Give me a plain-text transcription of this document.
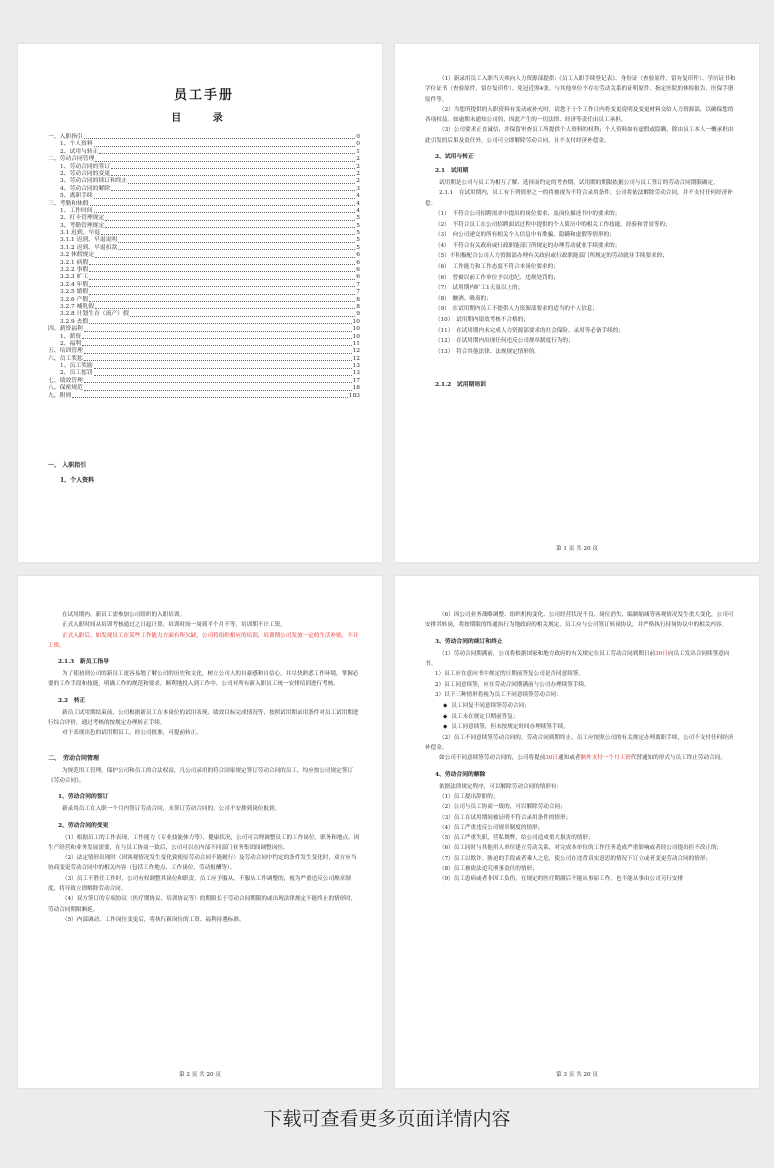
员工手册
目 录
一、入职指引	0
1、个人资料	0
2、试用与转正	1
二、劳动合同管理	2
1、劳动合同的签订	2
2、劳动合同的变更	2
3、劳动合同的续订和终止	2
4、劳动合同的解除	3
5、离职手续	4
三、考勤和休假	4
1、工作时间	4
2、打卡管理规定	5
3、考勤管理规定	5
3.1 迟到、早退	5
3.1.1 迟到、早退说明	5
3.1.2 迟到、早退扣款	5
3.2 休假规定	6
3.2.1 病假	6
3.2.2 事假	6
3.2.3 旷工	6
3.2.4 年假	7
3.2.5 婚假	7
3.2.6 产假	8
3.2.7 哺乳假	8
3.2.8 计划生育（流产）假	9
3.2.9 丧假	10
四、薪资福利	10
1、薪资	10
2、福利	11
五、培训管理	12
六、员工奖惩	12
1、员工奖励	13
2、员工惩罚	13
七、绩效管理	17
八、保密规范	18
九、附则	183
一、 入职指引
1、个人资料

（1）新录用员工入职当天须向人力资源部提供:《员工入职手续登记表》、身份证（查验原件，留有复印件）、学历证书和学位证书（查验原件，留存复印件）、免冠近照4张、与其他单位不存在劳动关系的证明原件、指定医院的体检报告、医保手册原件等。

（2）当您所提供的入职资料有变动或补充时，请您于十个工作日内将变更说明及变更材料交给人力资源部，以确保您的各项权益。如逾期未通知公司的，因此产生的一切法律、经济等责任由员工承担。

（3）公司要求正直诚信，并保留审查员工所提供个人资料的权利；个人资料如有虚假或隐瞒，除由员工本人一概承担由此引发的后果及责任外，公司可立即解除劳动合同，且不支付经济补偿金。

2、试用与转正
2.1　试用期

试用期是公司与员工为相互了解、选择而约定的考查期。试用期的期限依据公司与员工签订的劳动合同期限确定。

2.1.1　在试用期内，员工有下列情形之一的将被视为不符合录用条件，公司将依法解除劳动合同，并不支付任何经济补偿：

（1）　不符合公司招聘需求中提出的岗位要求、及岗位描述书中的要求的；
（2）　不符合员工在公司招聘面试过程中提供的个人简历中的相关工作技能、经验和背景等的；
（3）　向公司递交的所有相关个人信息中有欺骗、隐瞒和虚假等情形的；
（4）　不符合有关政府或行政职能部门所规定的办理劳动就业手续要求的；
（5）不积极配合公司人力资源部办理有关政府或行政职能部门所规定的劳动就业手续要求的；
（6）　工作能力和工作态度不符合本岗位要求的；
（6）　曾被以前工作单位予以违纪、违规处罚的；
（7）　试用期内旷工1天及以上的；
（8）　酗酒、吸毒的；
（9）　在试用期内员工不提供人力资源部要求的适当的个人信息；
（10）　试用期内绩效考核不合格的；
（11）　在试用期内未完成人力资源部要求的社会保险、录用等必备手续的；
（12）　在试用期内出现任何违反公司规章制度行为的；
（13）　符合其他法律、法规规定情形的。
2.1.2　试用期培训
第 1 页 共 20 页

在试用期内，新员工需参加公司组织的入职培训。

正式入职时间从培训考核通过之日起计算，培训时间一周到半个月不等，培训期不计工资。

正式入职后，如发现员工在某些工作能力方面有所欠缺，公司将组织相应的培训，培训期公司发放一定的生活补贴，不计工资。

2.1.3　新员工指导

为了使初到公司的新员工更容易地了解公司的历史和文化，树立公司人的自豪感和自信心，并尽快熟悉工作环境，掌握必要的工作手段和技能，明确工作的规范和要求，顺利地投入到工作中，公司对所有新入职员工统一安排培训进行考核。

2.2　转正

新员工试用期结束前，公司根据新员工在本岗位的试用表现、绩效目标完成情况等，按照试用期录用条件对员工试用期进行综合评价，通过考核的按规定办理转正手续。

对于表现出色的试用期员工，经公司批准，可提前转正。

二、　劳动合同管理

为规范用工管理，保护公司和员工的合法权益，凡公司录用的符合国家规定签订劳动合同的员工，均应按公司规定签订《劳动合同》。

1、劳动合同的签订

新录用员工在入职一个月内签订劳动合同，未签订劳动合同的，公司不安排到岗位报到。

2、劳动合同的变更

（1）根据员工的工作表现、工作能力（专业技能体力等）、健康状况，公司可合理调整员工的工作岗位、职务和地点。因生产经营和业务发展需要，在与员工协商一致后，公司可以在内部不同部门业务集团间调整岗位。

（2）法定情形出现时（因客观情况发生变化致使原劳动合同不能履行）及劳动合同中约定的条件发生变化时，双方应当协商变更劳动合同中的相关内容（包括工作地点、工作岗位、劳动报酬等）。

（3）员工不胜任工作时，公司有权调整其岗位和职责，员工应予服从，不服从工作调整的，视为严重违反公司规章制度，将导致立即解除劳动合同。

（4）双方签订的专项协议（医疗期协议、培训协议等）的期限长于劳动合同期限的或出现法律规定不能终止的情形时，劳动合同期限顺延。

（5）内部调动、工作岗位变更后，将执行新岗位的工资、福利待遇标准。

第 2 页 共 20 页

（6）因公司业务战略调整、组织机构变化、公司经营状况不良、岗位消失、编制缩减等客观情况发生重大变化，公司可安排其转岗，将按期限的终通执行为地政府的相关规定，员工应与公司签订转岗协议，并严格执行持岗协议中的相关内容。

3、劳动合同的续订和终止

（1）劳动合同期满前，公司将根据国家和地方政府的有关规定在员工劳动合同到期日前30日向员工发出合同续签意向书。

1）员工应在意向书中规定的日期前答复公司是否同意续签。
2）员工同意续签，应在劳动合同期满前与公司办理续签手续。
3）以下三种情形将视为员工不同意续签劳动合同：
◆ 员工回复不同意续签劳动合同；
◆ 员工未在规定日期前答复；
◆ 员工同意续签，但未按规定时间办理续签手续。

（2）员工不同意续签劳动合同的，劳动合同到期终止，员工应按照公司的有关规定办理离职手续，公司不支付任何经济补偿金。

如公司不同意续签劳动合同的，公司将提前30日通知或者额外支付一个月工资代替通知的形式与员工终止劳动合同。

4、劳动合同的解除

依据法律规定程序，可以解除劳动合同的情形有：

（1）员工提出辞职的；

（2）公司与员工协商一致的，可以解除劳动合同；

（3）员工在试用期间被证明不符合录用条件的情形；

（4）员工严重违反公司规章制度的情形；

（5）员工严重失职，营私舞弊，给公司造成重大损害的情形；

（6）员工同时与其他用人单位建立劳动关系，对完成本单位的工作任务造成严重影响或者经公司提出拒不改正的；

（7）员工以欺诈、胁迫的手段或者乘人之危，使公司在违背真实意思的情况下订立或者变更劳动合同的情形；

（8）员工被依法追究刑事责任的情形；

（9）员工患病或者非因工负伤，在规定的医疗期满后不能从事原工作，也不能从事由公司另行安排

第 3 页 共 20 页
下载可查看更多页面详情内容
